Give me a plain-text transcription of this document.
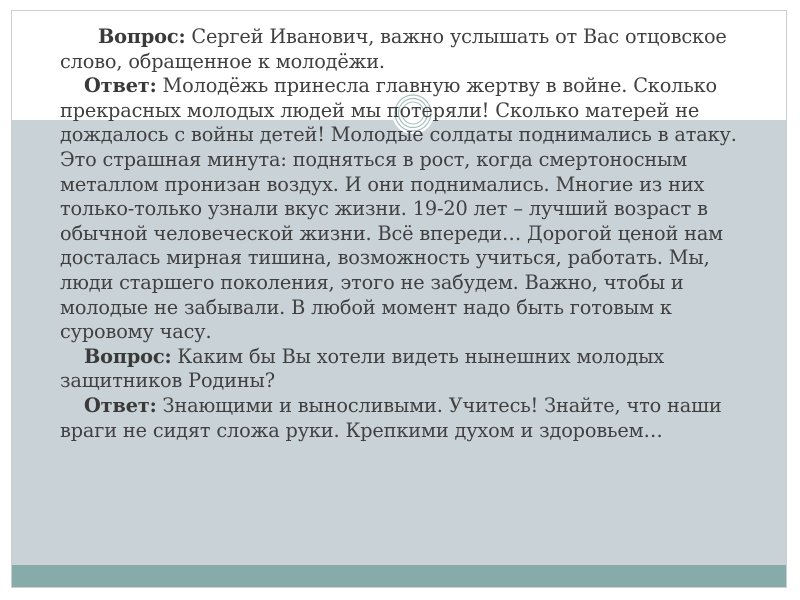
Вопрос: Сергей Иванович, важно услышать от Вас отцовское слово, обращенное к молодёжи.

Ответ: Молодёжь принесла главную жертву в войне. Сколько прекрасных молодых людей мы потеряли! Сколько матерей не дождалось с войны детей! Молодые солдаты поднимались в атаку. Это страшная минута: подняться в рост, когда смертоносным металлом пронизан воздух. И они поднимались. Многие из них только-только узнали вкус жизни. 19-20 лет – лучший возраст в обычной человеческой жизни. Всё впереди… Дорогой ценой нам досталась мирная тишина, возможность учиться, работать. Мы, люди старшего поколения, этого не забудем. Важно, чтобы и молодые не забывали. В любой момент надо быть готовым к суровому часу.

Вопрос: Каким бы Вы хотели видеть нынешних молодых защитников Родины?

Ответ: Знающими и выносливыми. Учитесь! Знайте, что наши враги не сидят сложа руки. Крепкими духом и здоровьем…
